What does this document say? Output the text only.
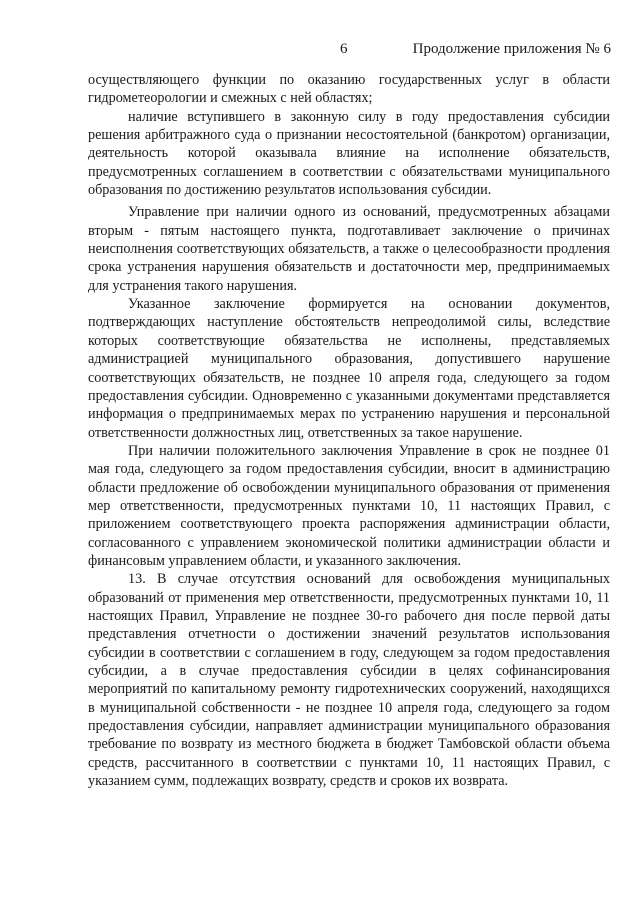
6	Продолжение приложения № 6

осуществляющего функции по оказанию государственных услуг в области гидрометеорологии и смежных с ней областях;

наличие вступившего в законную силу в году предоставления субсидии решения арбитражного суда о признании несостоятельной (банкротом) организации, деятельность которой оказывала влияние на исполнение обязательств, предусмотренных соглашением в соответствии с обязательствами муниципального образования по достижению результатов использования субсидии.

Управление при наличии одного из оснований, предусмотренных абзацами вторым - пятым настоящего пункта, подготавливает заключение о причинах неисполнения соответствующих обязательств, а также о целесообразности продления срока устранения нарушения обязательств и достаточности мер, предпринимаемых для устранения такого нарушения.

Указанное заключение формируется на основании документов, подтверждающих наступление обстоятельств непреодолимой силы, вследствие которых соответствующие обязательства не исполнены, представляемых администрацией муниципального образования, допустившего нарушение соответствующих обязательств, не позднее 10 апреля года, следующего за годом предоставления субсидии. Одновременно с указанными документами представляется информация о предпринимаемых мерах по устранению нарушения и персональной ответственности должностных лиц, ответственных за такое нарушение.

При наличии положительного заключения Управление в срок не позднее 01 мая года, следующего за годом предоставления субсидии, вносит в администрацию области предложение об освобождении муниципального образования от применения мер ответственности, предусмотренных пунктами 10, 11 настоящих Правил, с приложением соответствующего проекта распоряжения администрации области, согласованного с управлением экономической политики администрации области и финансовым управлением области, и указанного заключения.

13. В случае отсутствия оснований для освобождения муниципальных образований от применения мер ответственности, предусмотренных пунктами 10, 11 настоящих Правил, Управление не позднее 30-го рабочего дня после первой даты представления отчетности о достижении значений результатов использования субсидии в соответствии с соглашением в году, следующем за годом предоставления субсидии, а в случае предоставления субсидии в целях софинансирования мероприятий по капитальному ремонту гидротехнических сооружений, находящихся в муниципальной собственности - не позднее 10 апреля года, следующего за годом предоставления субсидии, направляет администрации муниципального образования требование по возврату из местного бюджета в бюджет Тамбовской области объема средств, рассчитанного в соответствии с пунктами 10, 11 настоящих Правил, с указанием сумм, подлежащих возврату, средств и сроков их возврата.
